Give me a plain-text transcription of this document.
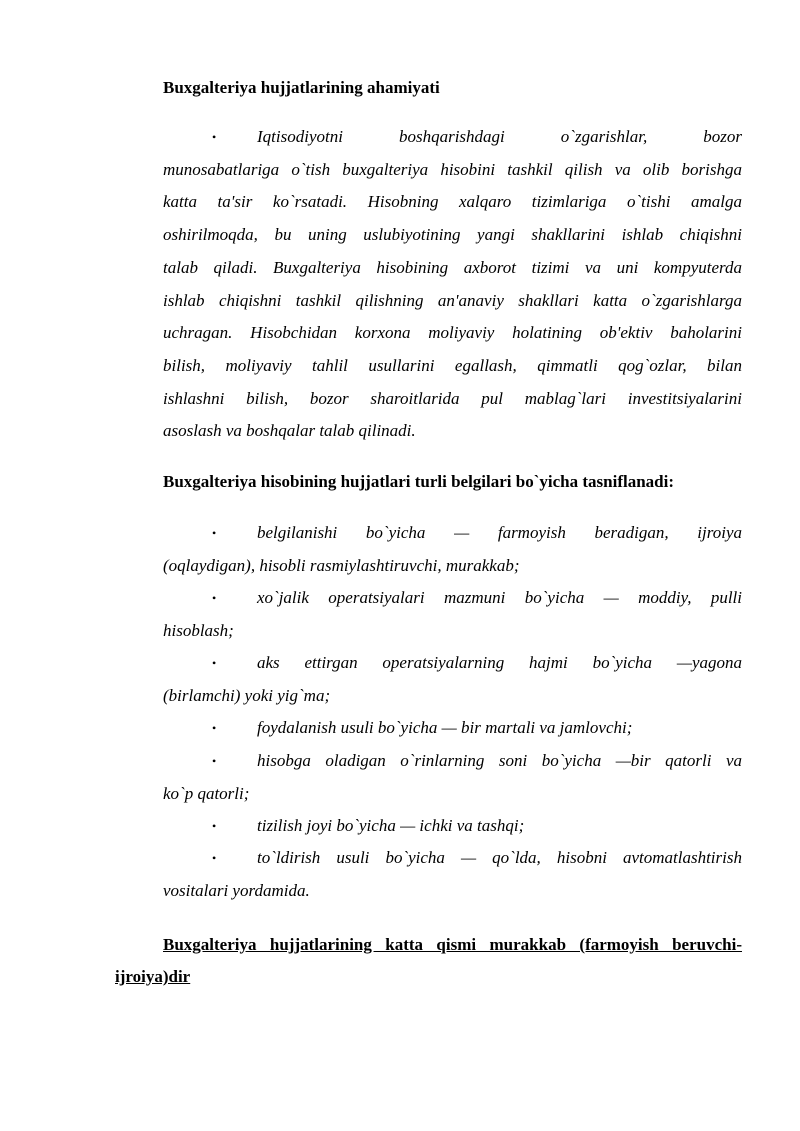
Buxgalteriya hujjatlarining ahamiyati
• Iqtisodiyotni boshqarishdagi o`zgarishlar, bozor
munosabatlariga o`tish buxgalteriya hisobini tashkil qilish va olib borishga
katta ta'sir ko`rsatadi. Hisobning xalqaro tizimlariga o`tishi amalga
oshirilmoqda, bu uning uslubiyotining yangi shakllarini ishlab chiqishni
talab qiladi. Buxgalteriya hisobining axborot tizimi va uni kompyuterda
ishlab chiqishni tashkil qilishning an'anaviy shakllari katta o`zgarishlarga
uchragan. Hisobchidan korxona moliyaviy holatining ob'ektiv baholarini
bilish, moliyaviy tahlil usullarini egallash, qimmatli qog`ozlar, bilan
ishlashni bilish, bozor sharoitlarida pul mablag`lari investitsiyalarini
asoslash va boshqalar talab qilinadi.
Buxgalteriya hisobining hujjatlari turli belgilari bo`yicha tasniflanadi:
• belgilanishi bo`yicha — farmoyish beradigan, ijroiya
(oqlaydigan), hisobli rasmiylashtiruvchi, murakkab;
• xo`jalik operatsiyalari mazmuni bo`yicha — moddiy, pulli
hisoblash;
• aks ettirgan operatsiyalarning hajmi bo`yicha —yagona
(birlamchi) yoki yig`ma;
• foydalanish usuli bo`yicha — bir martali va jamlovchi;
• hisobga oladigan o`rinlarning soni bo`yicha —bir qatorli va
ko`p qatorli;
• tizilish joyi bo`yicha — ichki va tashqi;
• to`ldirish usuli bo`yicha — qo`lda, hisobni avtomatlashtirish
vositalari yordamida.
Buxgalteriya hujjatlarining katta qismi murakkab (farmoyish beruvchi-
ijroiya)dir
